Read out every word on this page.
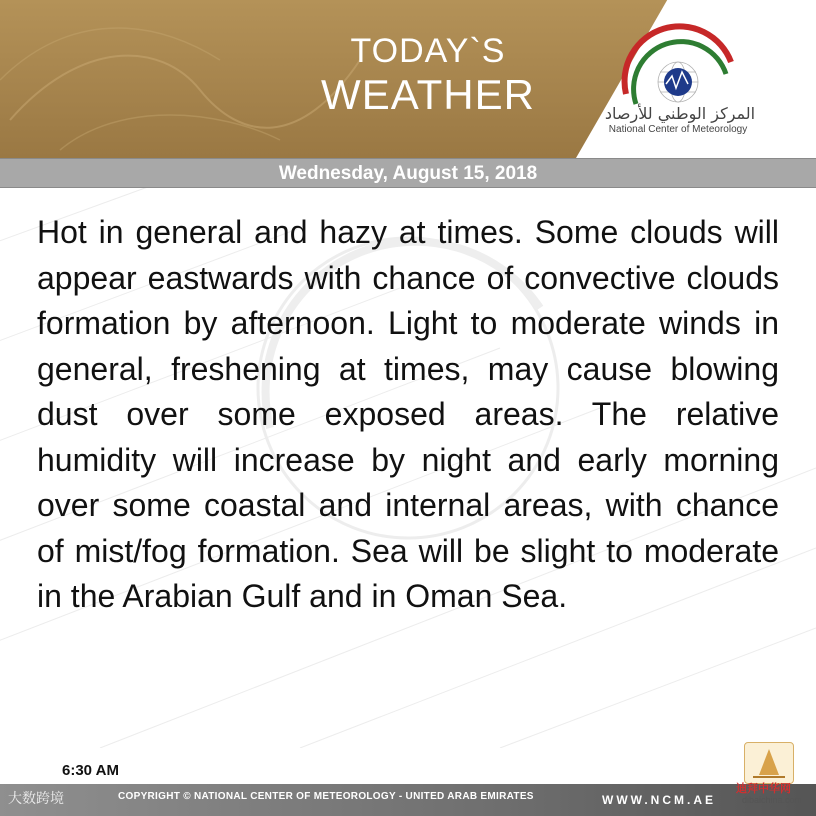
TODAY`S
WEATHER	المركز الوطني للأرصاد
National Center of Meteorology
Wednesday, August 15, 2018
Hot in general and hazy at times. Some clouds will appear eastwards with chance of convective clouds formation by afternoon. Light to moderate winds in general, freshening at times, may cause blowing dust over some exposed areas. The relative humidity will increase by night and early morning over some coastal and internal areas, with chance of mist/fog formation. Sea will be slight to moderate in the Arabian Gulf and in Oman Sea.
6:30 AM
COPYRIGHT © NATIONAL CENTER OF METEOROLOGY - UNITED ARAB EMIRATES	WWW.NCM.AE
大数跨境
迪拜中华网
dibaichina.com
